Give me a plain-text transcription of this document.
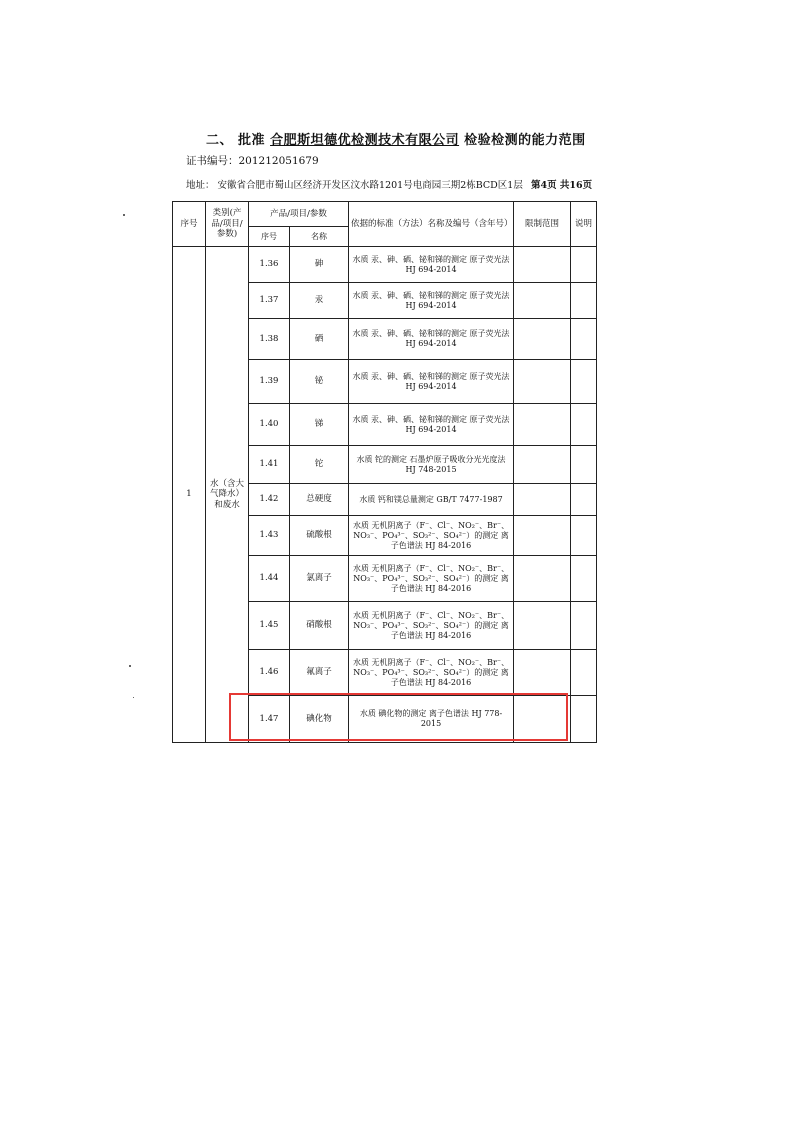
二、 批准 合肥斯坦德优检测技术有限公司 检验检测的能力范围
证书编号：201212051679
地址： 安徽省合肥市蜀山区经济开发区汶水路1201号电商园三期2栋BCD区1层 第4页 共16页
序号	类别(产品/项目/参数)	产品/项目/参数		依据的标准（方法）名称及编号（含年号）	限制范围	说明
		序号	名称			
1	水（含大气降水）和废水	1.36	砷	水质 汞、砷、硒、铋和锑的测定 原子荧光法 HJ 694-2014		
		1.37	汞	水质 汞、砷、硒、铋和锑的测定 原子荧光法 HJ 694-2014		
		1.38	硒	水质 汞、砷、硒、铋和锑的测定 原子荧光法 HJ 694-2014		
		1.39	铋	水质 汞、砷、硒、铋和锑的测定 原子荧光法 HJ 694-2014		
		1.40	锑	水质 汞、砷、硒、铋和锑的测定 原子荧光法 HJ 694-2014		
		1.41	铊	水质 铊的测定 石墨炉原子吸收分光光度法 HJ 748-2015		
		1.42	总硬度	水质 钙和镁总量测定 GB/T 7477-1987		
		1.43	硫酸根	水质 无机阴离子（F⁻、Cl⁻、NO₂⁻、Br⁻、
NO₃⁻、PO₄³⁻、SO₃²⁻、SO₄²⁻）的测定 离
子色谱法 HJ 84-2016		
		1.44	氯离子	水质 无机阴离子（F⁻、Cl⁻、NO₂⁻、Br⁻、
NO₃⁻、PO₄³⁻、SO₃²⁻、SO₄²⁻）的测定 离
子色谱法 HJ 84-2016		
		1.45	硝酸根	水质 无机阴离子（F⁻、Cl⁻、NO₂⁻、Br⁻、
NO₃⁻、PO₄³⁻、SO₃²⁻、SO₄²⁻）的测定 离
子色谱法 HJ 84-2016		
		1.46	氟离子	水质 无机阴离子（F⁻、Cl⁻、NO₂⁻、Br⁻、
NO₃⁻、PO₄³⁻、SO₃²⁻、SO₄²⁻）的测定 离
子色谱法 HJ 84-2016		
		1.47	碘化物	水质 碘化物的测定 离子色谱法 HJ 778-2015		
